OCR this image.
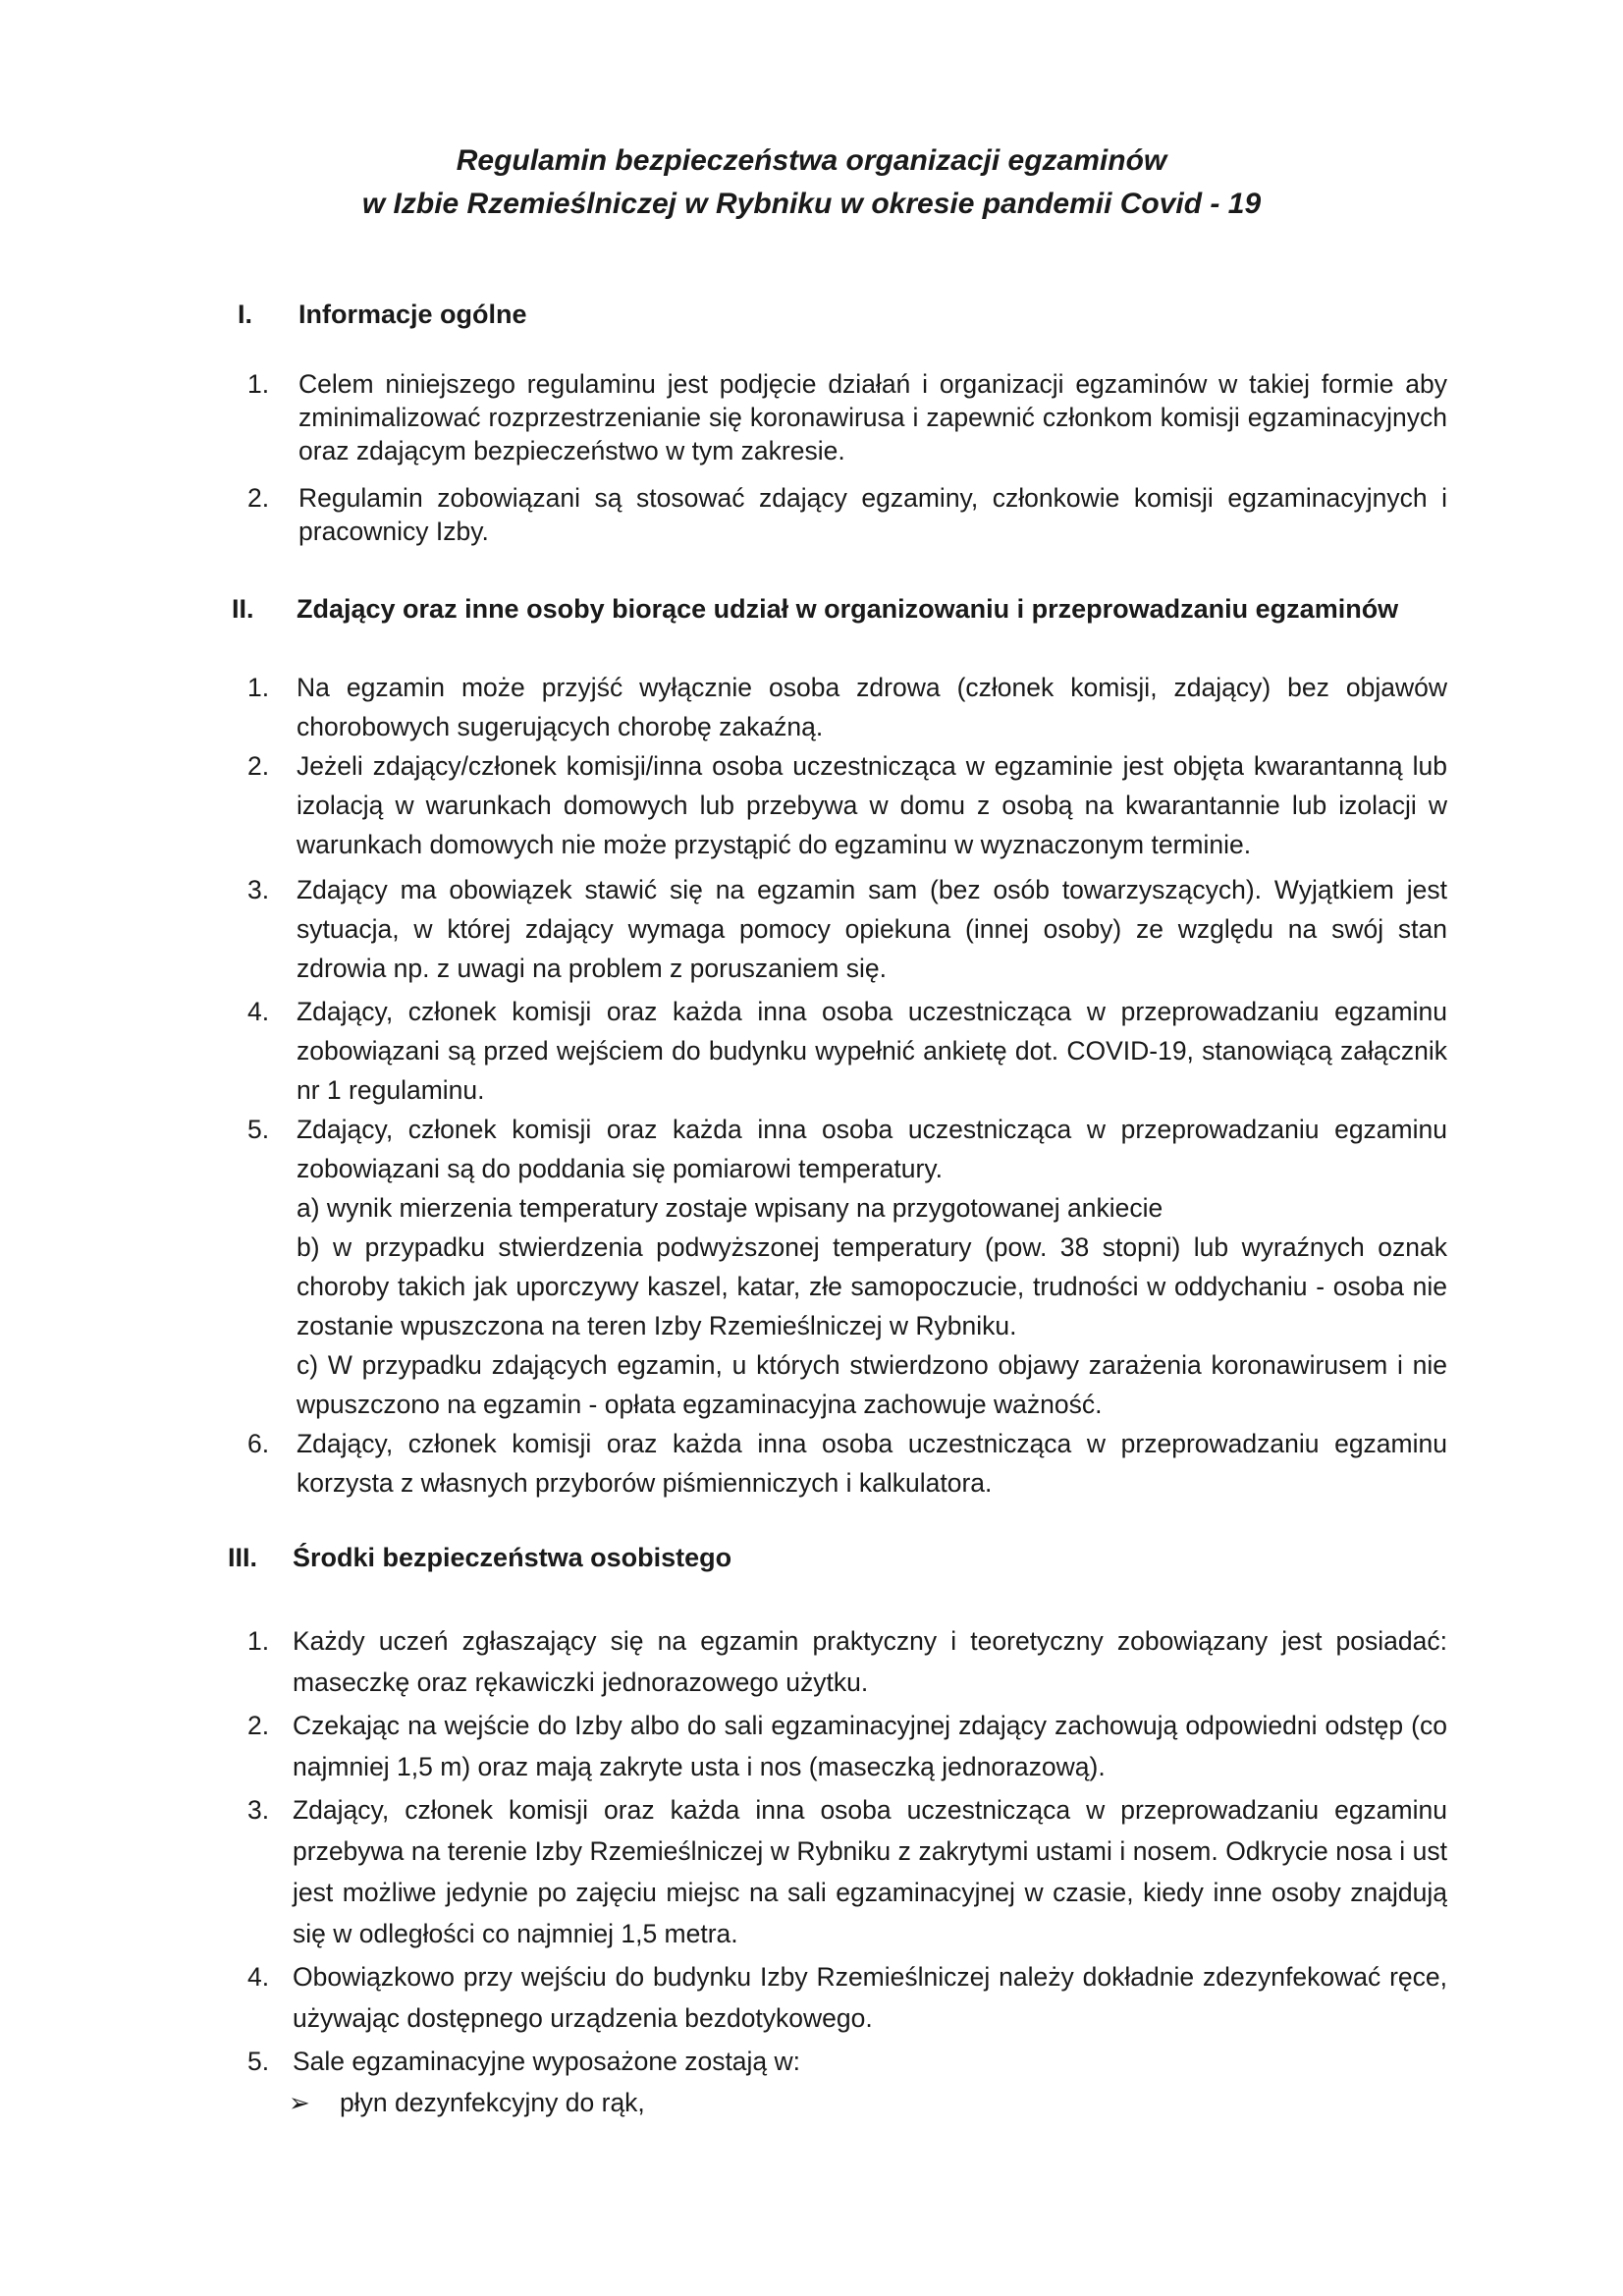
Regulamin bezpieczeństwa organizacji egzaminów
w Izbie Rzemieślniczej w Rybniku w okresie pandemii Covid - 19
I. Informacje ogólne
1. Celem niniejszego regulaminu jest podjęcie działań i organizacji egzaminów w takiej formie aby zminimalizować rozprzestrzenianie się koronawirusa i zapewnić członkom komisji egzaminacyjnych oraz zdającym bezpieczeństwo w tym zakresie.
2. Regulamin zobowiązani są stosować zdający egzaminy, członkowie komisji egzaminacyjnych i pracownicy Izby.
II. Zdający oraz inne osoby biorące udział w organizowaniu i przeprowadzaniu egzaminów
1. Na egzamin może przyjść wyłącznie osoba zdrowa (członek komisji, zdający) bez objawów chorobowych sugerujących chorobę zakaźną.
2. Jeżeli zdający/członek komisji/inna osoba uczestnicząca w egzaminie jest objęta kwarantanną lub izolacją w warunkach domowych lub przebywa w domu z osobą na kwarantannie lub izolacji w warunkach domowych nie może przystąpić do egzaminu w wyznaczonym terminie.
3. Zdający ma obowiązek stawić się na egzamin sam (bez osób towarzyszących). Wyjątkiem jest sytuacja, w której zdający wymaga pomocy opiekuna (innej osoby) ze względu na swój stan zdrowia np. z uwagi na problem z poruszaniem się.
4. Zdający, członek komisji oraz każda inna osoba uczestnicząca w przeprowadzaniu egzaminu zobowiązani są przed wejściem do budynku wypełnić ankietę dot. COVID-19, stanowiącą załącznik nr 1 regulaminu.
5. Zdający, członek komisji oraz każda inna osoba uczestnicząca w przeprowadzaniu egzaminu zobowiązani są do poddania się pomiarowi temperatury.

a) wynik mierzenia temperatury zostaje wpisany na przygotowanej ankiecie

b) w przypadku stwierdzenia podwyższonej temperatury (pow. 38 stopni) lub wyraźnych oznak choroby takich jak uporczywy kaszel, katar, złe samopoczucie, trudności w oddychaniu - osoba nie zostanie wpuszczona na teren Izby Rzemieślniczej w Rybniku.

c) W przypadku zdających egzamin, u których stwierdzono objawy zarażenia koronawirusem i nie wpuszczono na egzamin - opłata egzaminacyjna zachowuje ważność.

6. Zdający, członek komisji oraz każda inna osoba uczestnicząca w przeprowadzaniu egzaminu korzysta z własnych przyborów piśmienniczych i kalkulatora.
III. Środki bezpieczeństwa osobistego
1. Każdy uczeń zgłaszający się na egzamin praktyczny i teoretyczny zobowiązany jest posiadać: maseczkę oraz rękawiczki jednorazowego użytku.
2. Czekając na wejście do Izby albo do sali egzaminacyjnej zdający zachowują odpowiedni odstęp (co najmniej 1,5 m) oraz mają zakryte usta i nos (maseczką jednorazową).
3. Zdający, członek komisji oraz każda inna osoba uczestnicząca w przeprowadzaniu egzaminu przebywa na terenie Izby Rzemieślniczej w Rybniku z zakrytymi ustami i nosem. Odkrycie nosa i ust jest możliwe jedynie po zajęciu miejsc na sali egzaminacyjnej w czasie, kiedy inne osoby znajdują się w odległości co najmniej 1,5 metra.
4. Obowiązkowo przy wejściu do budynku Izby Rzemieślniczej należy dokładnie zdezynfekować ręce, używając dostępnego urządzenia bezdotykowego.
5. Sale egzaminacyjne wyposażone zostają w:
➢ płyn dezynfekcyjny do rąk,
